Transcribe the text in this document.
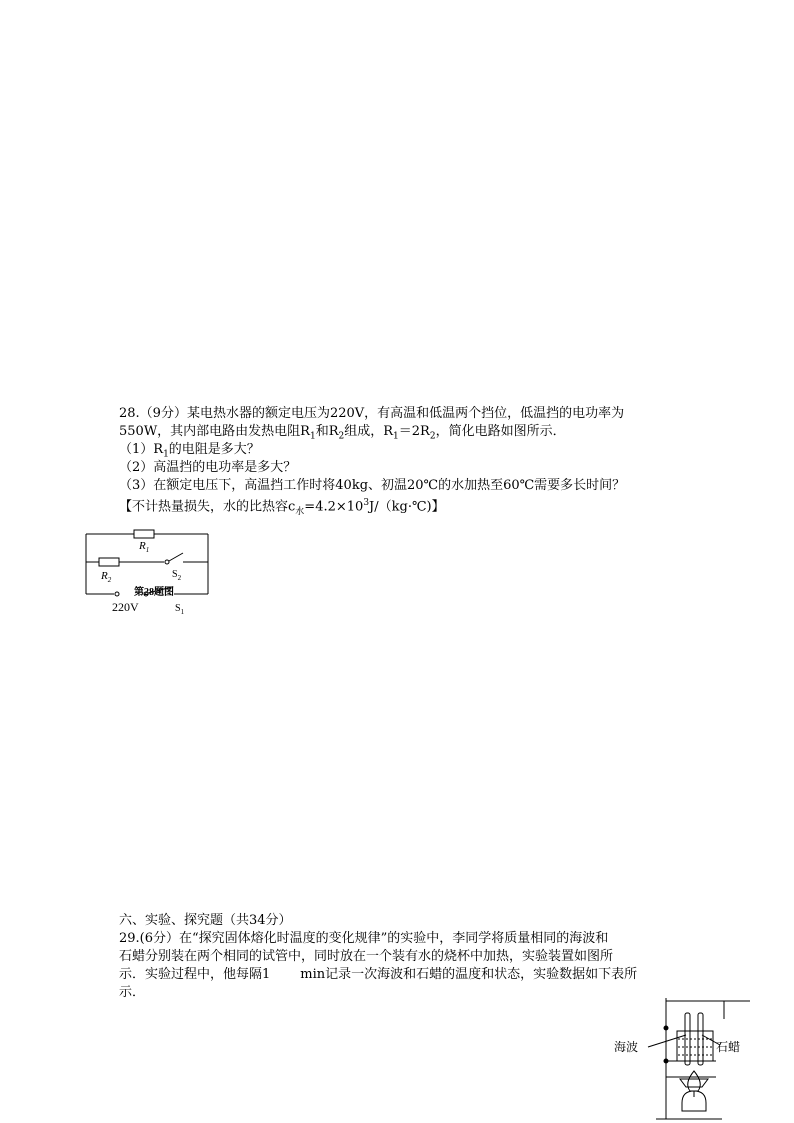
28.（9分）某电热水器的额定电压为220V，有高温和低温两个挡位，低温挡的电功率为
550W，其内部电路由发热电阻$R_1$和$R_2$组成，$R_1=2R_2$，简化电路如图所示．
$(1)R_1$的电阻是多大？
（2）高温挡的电功率是多大？
（3）在额定电压下，高温挡工作时将40kg、初温20℃的水加热至60℃需要多长时间？
【不计热量损失，水的比热容$c_水=4.2\times 10^3J/(kg\cdot℃)$】
$R_1$
$R_2$	$S_2$
第28题图
220V	$S_1$
六、实验、探究题（共34分）
29.(6分）在“探究固体熔化时温度的变化规律”的实验中，李同学将质量相同的海波和
石蜡分别装在两个相同的试管中，同时放在一个装有水的烧杯中加热，实验装置如图所
示．实验过程中，他每隔1 min记录一次海波和石蜡的温度和状态，实验数据如下表所
示．
海波	石蜡
